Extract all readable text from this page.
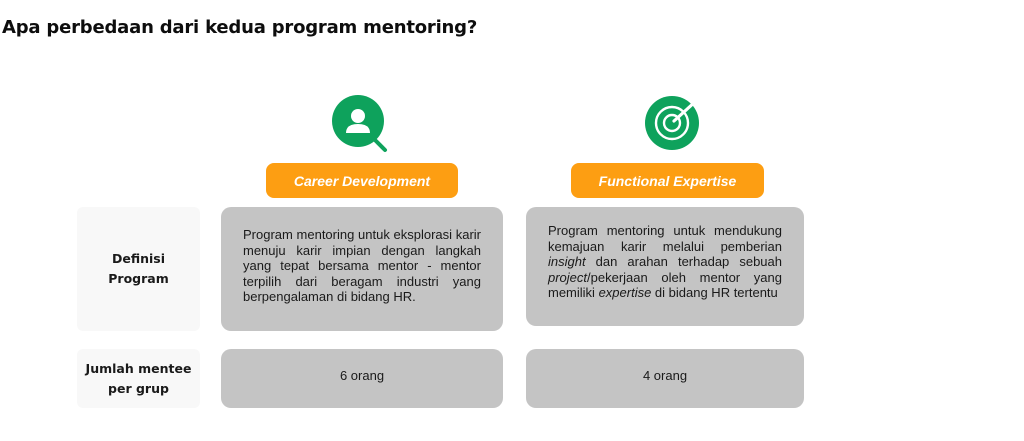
Apa perbedaan dari kedua program mentoring?
Career Development	Functional Expertise
Definisi
Program

Program mentoring untuk eksplorasi karir menuju karir impian dengan langkah yang tepat bersama mentor - mentor terpilih dari beragam industri yang berpengalaman di bidang HR.

Program mentoring untuk mendukung kemajuan karir melalui pemberian insight dan arahan terhadap sebuah project/pekerjaan oleh mentor yang memiliki expertise di bidang HR tertentu

Jumlah mentee
per grup
6 orang	4 orang
